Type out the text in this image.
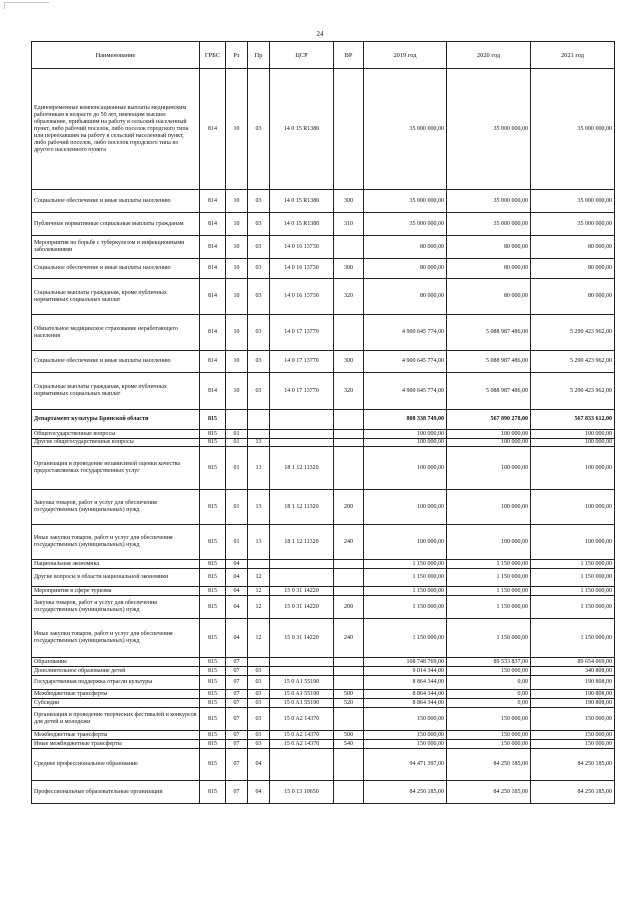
24
Наименование	ГРБС	Рз	Пр	ЦСР	ВР	2019 год	2020 год	2021 год
Единовременные компенсационные выплаты медицинским работникам в возрасте до 50 лет, имеющим высшее образование, прибывшим на работу в сельский населенный пункт, либо рабочий поселок, либо поселок городского типа или переехавшим на работу в сельский населенный пункт, либо рабочий поселок, либо поселок городского типа из другого населенного пункта	814	10	03	14 0 15 R1380		35 000 000,00	35 000 000,00	35 000 000,00
Социальное обеспечение и иные выплаты населению	814	10	03	14 0 15 R1380	300	35 000 000,00	35 000 000,00	35 000 000,00
Публичные нормативные социальные выплаты гражданам	814	10	03	14 0 15 R1380	310	35 000 000,00	35 000 000,00	35 000 000,00
Мероприятия по борьбе с туберкулезом и инфекционными заболеваниями	814	10	03	14 0 16 13730		80 000,00	80 000,00	80 000,00
Социальное обеспечение и иные выплаты населению	814	10	03	14 0 16 13730	300	80 000,00	80 000,00	80 000,00
Социальные выплаты гражданам, кроме публичных нормативных социальных выплат	814	10	03	14 0 16 13730	320	80 000,00	80 000,00	80 000,00
Обязательное медицинское страхование неработающего населения	814	10	03	14 0 17 13770		4 900 645 774,00	5 088 987 486,00	5 290 423 962,00
Социальное обеспечение и иные выплаты населению	814	10	03	14 0 17 13770	300	4 900 645 774,00	5 088 987 486,00	5 290 423 962,00
Социальные выплаты гражданам, кроме публичных нормативных социальных выплат	814	10	03	14 0 17 13770	320	4 900 645 774,00	5 088 987 486,00	5 290 423 962,00
Департамент культуры Брянской области	815					808 338 749,00	567 890 278,00	567 833 612,00
Общегосударственные вопросы	815	01				100 000,00	100 000,00	100 000,00
Другие общегосударственные вопросы	815	01	13			100 000,00	100 000,00	100 000,00
Организация и проведение независимой оценки качества предоставляемых государственных услуг	815	01	13	18 1 12 11320		100 000,00	100 000,00	100 000,00
Закупка товаров, работ и услуг для обеспечения государственных (муниципальных) нужд	815	01	13	18 1 12 11320	200	100 000,00	100 000,00	100 000,00
Иные закупки товаров, работ и услуг для обеспечения государственных (муниципальных) нужд	815	01	13	18 1 12 11320	240	100 000,00	100 000,00	100 000,00
Национальная экономика	815	04				1 150 000,00	1 150 000,00	1 150 000,00
Другие вопросы в области национальной экономики	815	04	12			1 150 000,00	1 150 000,00	1 150 000,00
Мероприятия в сфере туризма	815	04	12	15 0 31 14220		1 150 000,00	1 150 000,00	1 150 000,00
Закупка товаров, работ и услуг для обеспечения государственных (муниципальных) нужд	815	04	12	15 0 31 14220	200	1 150 000,00	1 150 000,00	1 150 000,00
Иные закупки товаров, работ и услуг для обеспечения государственных (муниципальных) нужд	815	04	12	15 0 31 14220	240	1 150 000,00	1 150 000,00	1 150 000,00
Образование	815	07				108 748 769,00	89 533 837,00	89 654 069,00
Дополнительное образование детей	815	07	03			9 014 344,00	150 000,00	340 808,00
Государственная поддержка отрасли культуры	815	07	03	15 0 A1 55190		8 864 344,00	0,00	190 808,00
Межбюджетные трансферты	815	07	03	15 0 A1 55190	500	8 864 344,00	0,00	190 808,00
Субсидии	815	07	03	15 0 A1 55190	520	8 864 344,00	0,00	190 808,00
Организация и проведение творческих фестивалей и конкурсов для детей и молодежи	815	07	03	15 0 A2 14370		150 000,00	150 000,00	150 000,00
Межбюджетные трансферты	815	07	03	15 0 A2 14370	500	150 000,00	150 000,00	150 000,00
Иные межбюджетные трансферты	815	07	03	15 0 A2 14370	540	150 000,00	150 000,00	150 000,00
Среднее профессиональное образование	815	07	04			94 471 397,00	84 250 185,00	84 250 185,00
Профессиональные образовательные организации	815	07	04	15 0 13 10650		84 250 185,00	84 250 185,00	84 250 185,00
